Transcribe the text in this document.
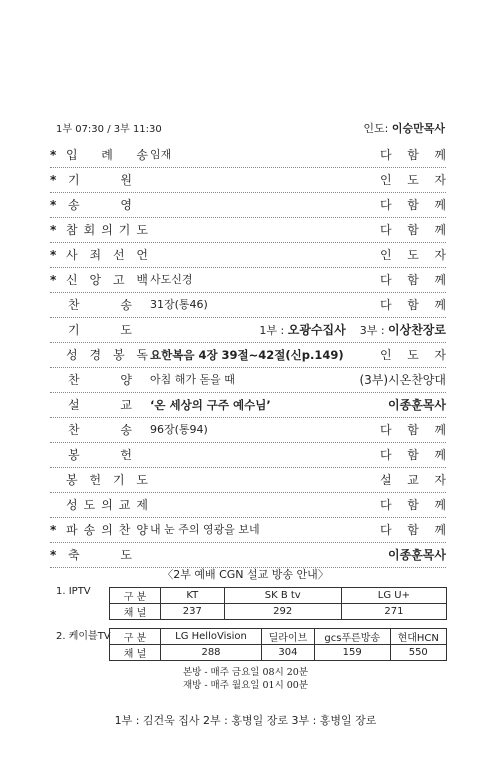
1부 07:30 / 3부 11:30	인도: 이승만목사
* 입 례 송 임재	다 함 께
* 기	원	인 도 자
* 송	영	다 함 께
* 참 회 의 기 도	다 함 께
* 사 죄 선 언	인 도 자
* 신 앙 고 백 사도신경	다 함 께
찬	송 31장(통46)	다 함 께
기	도	1부 : 오광수집사 3부 : 이상찬장로
성 경 봉 독 요한복음 4장 39절~42절(신p.149)	인 도 자
찬	양 아침 해가 돋을 때	(3부)시온찬양대
설	교 ‘온 세상의 구주 예수님’	이종훈목사
찬	송 96장(통94)	다 함 께
봉	헌	다 함 께
봉 헌 기 도	설 교 자
성 도 의 교 제	다 함 께
* 파 송 의 찬 양 내 눈 주의 영광을 보네	다 함 께
* 축	도	이종훈목사
〈2부 예배 CGN 설교 방송 안내〉
1. IPTV
구 분	KT	SK B tv	LG U+
채 널	237	292	271
2. 케이블TV 구 분	LG HelloVision	딜라이브	gcs푸른방송	현대HCN
채 널	288	304	159	550
본방 - 매주 금요일 08시 20분
재방 - 매주 월요일 01시 00분
1부 : 김건욱 집사 2부 : 홍병일 장로 3부 : 홍병일 장로
